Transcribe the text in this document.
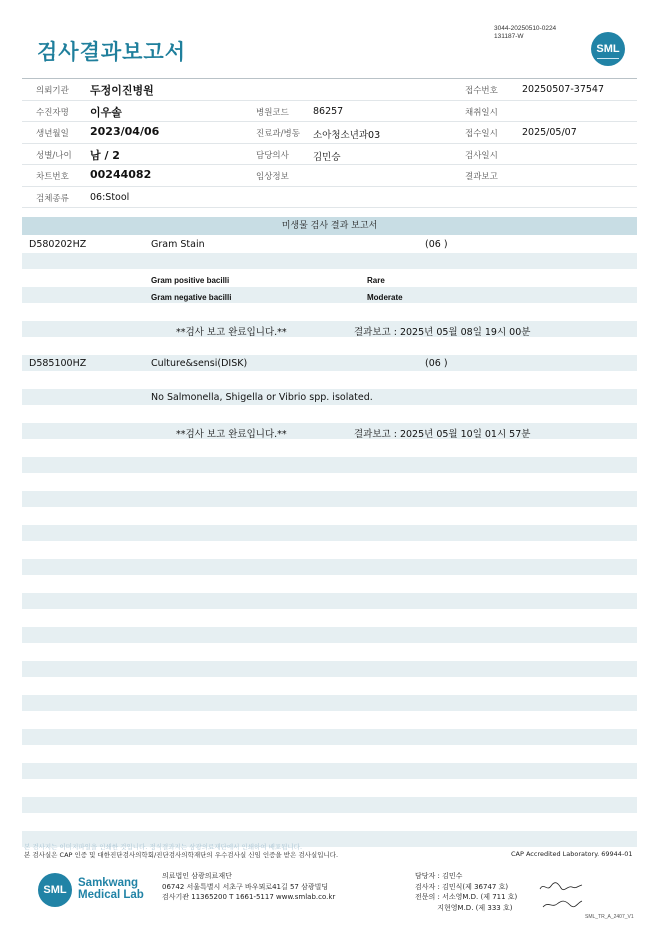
검사결과보고서
3044-20250510-0224
131187-W
SML
의뢰기관 두정이진병원	접수번호	20250507-37547
수진자명 이우솔	병원코드	86257	채취일시
생년월일 2023/04/06	진료과/병동 소아청소년과03	접수일시	2025/05/07
성별/나이 남 / 2	담당의사	김민승	검사일시
차트번호 00244082	임상정보	결과보고
검체종류 06:Stool
미생물 검사 결과 보고서
D580202HZ	Gram Stain	(06 )
Gram positive bacilli	Rare
Gram negative bacilli	Moderate
**검사 보고 완료입니다.**	결과보고 : 2025년 05월 08일 19시 00분
D585100HZ	Culture&sensi(DISK)	(06 )
No Salmonella, Shigella or Vibrio spp. isolated.
**검사 보고 완료입니다.**	결과보고 : 2025년 05월 10일 01시 57분
본 검사지는 이미지파일을 인쇄한 것입니다. 정식결과지는 삼광의료재단에서 인쇄하여 배포됩니다.
본 검사실은 CAP 인증 및 대한진단검사의학회/진단검사의학재단의 우수검사실 신임 인증을 받은 검사실입니다.	CAP Accredited Laboratory. 69944-01
SML
Samkwang
Medical Lab
의료법인 삼광의료재단
06742 서울특별시 서초구 바우뫼로41길 57 삼광빌딩
검사기관 11365200 T 1661-5117 www.smlab.co.kr
담당자 : 김민수
검사자 : 김민식(제 36747 호)
전문의 : 서소영M.D. (제 711 호)
지현영M.D. (제 333 호)
SML_TR_A_2407_V1
